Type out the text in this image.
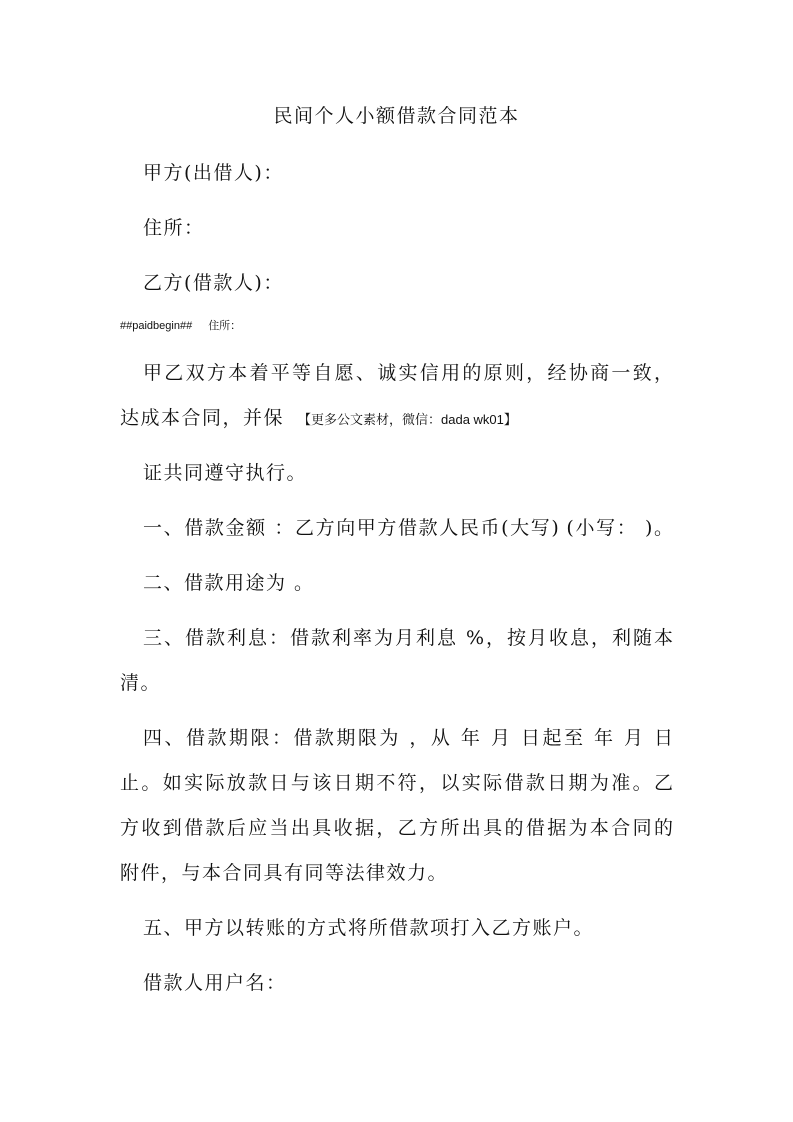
民间个人小额借款合同范本
甲方(出借人)：
住所：
乙方(借款人)：
##paidbegin## 住所：
甲乙双方本着平等自愿、诚实信用的原则，经协商一致，
达成本合同，并保 【更多公文素材，微信：dada wk01】
证共同遵守执行。
一、借款金额 ：乙方向甲方借款人民币(大写) (小写： )。
二、借款用途为 。
三、借款利息：借款利率为月利息 %，按月收息，利随本
清。
四、借款期限：借款期限为 ，从 年 月 日起至 年 月 日
止。如实际放款日与该日期不符，以实际借款日期为准。乙
方收到借款后应当出具收据，乙方所出具的借据为本合同的
附件，与本合同具有同等法律效力。
五、甲方以转账的方式将所借款项打入乙方账户。
借款人用户名：
